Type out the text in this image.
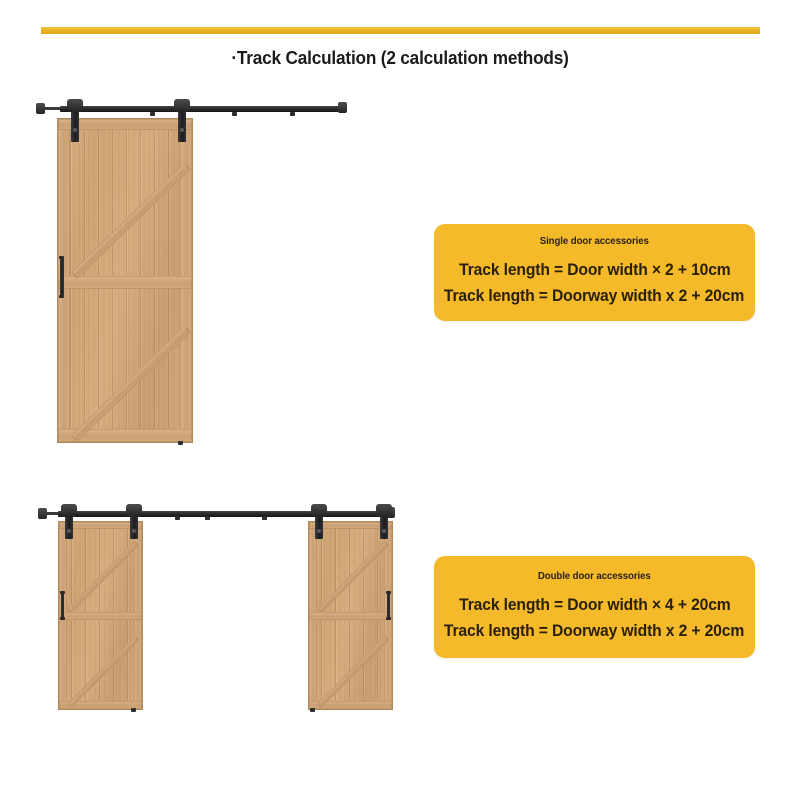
·Track Calculation (2 calculation methods)
Single door accessories
Track length = Door width × 2 + 10cm
Track length = Doorway width x 2 + 20cm
Double door accessories
Track length = Door width × 4 + 20cm
Track length = Doorway width x 2 + 20cm
